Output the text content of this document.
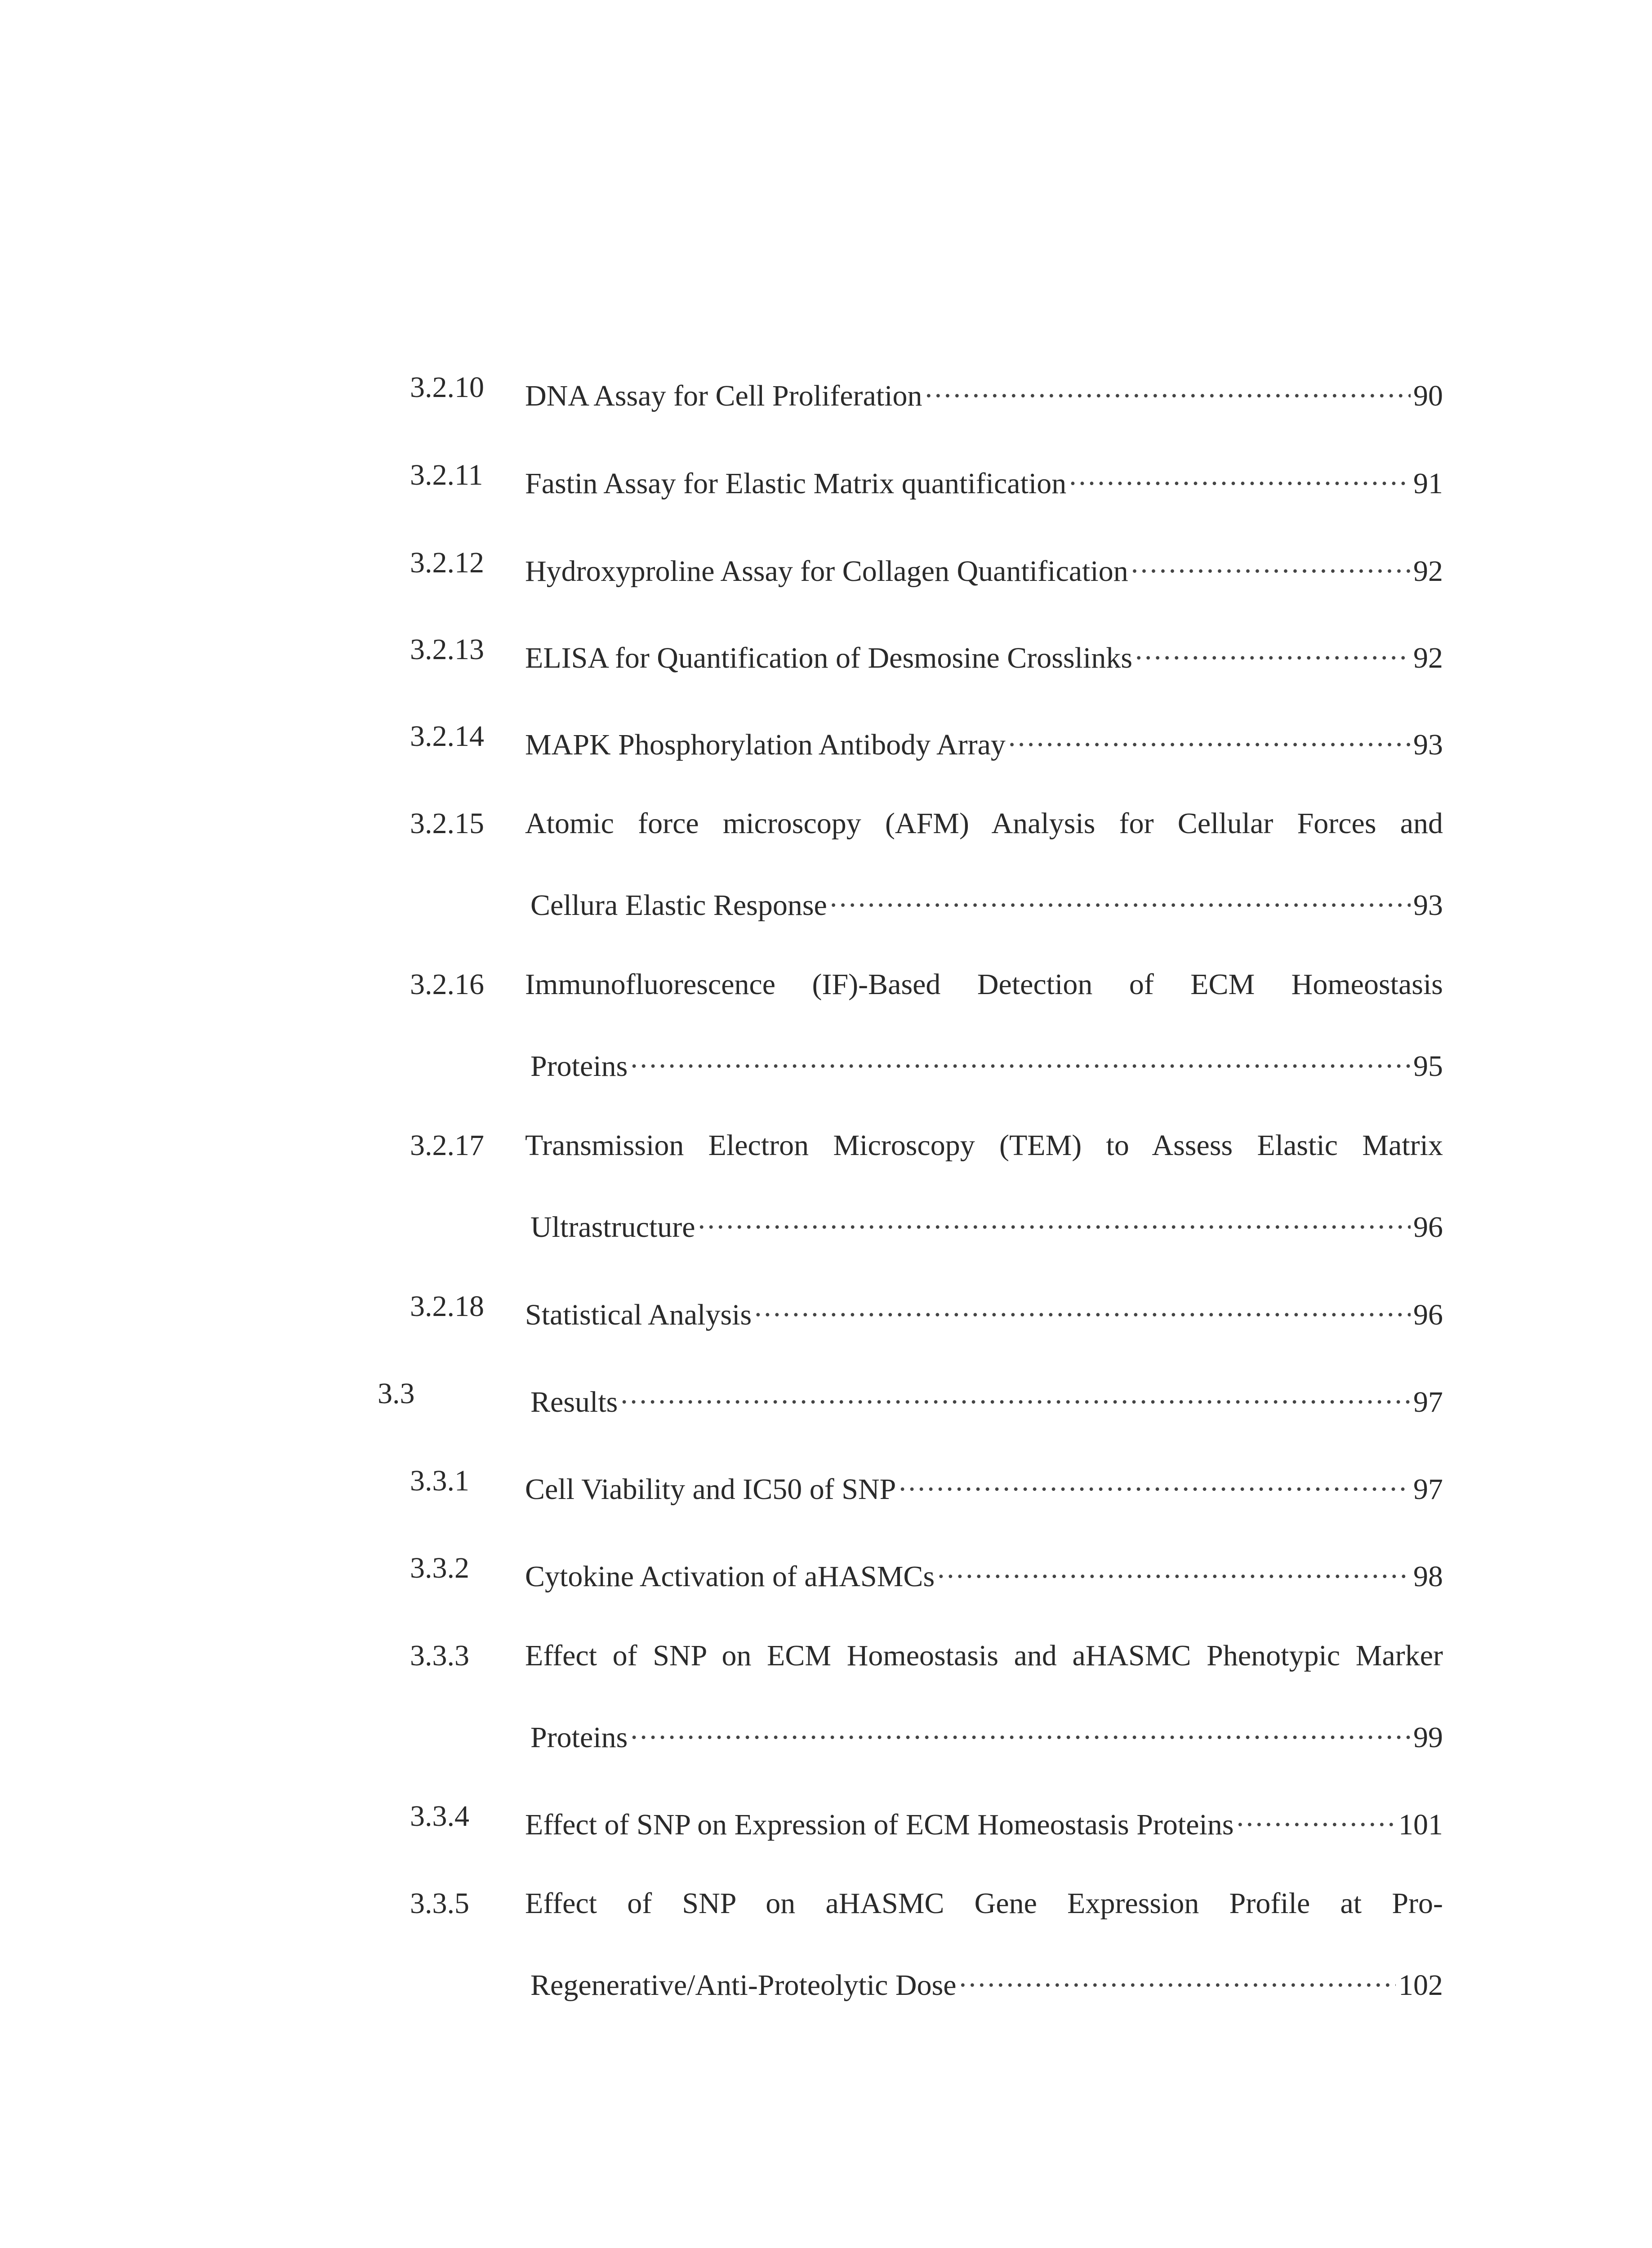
3.2.10 DNA Assay for Cell Proliferation . . .	90
3.2.11 Fastin Assay for Elastic Matrix quantification . . .	91
3.2.12 Hydroxyproline Assay for Collagen Quantification . . .	92
3.2.13 ELISA for Quantification of Desmosine Crosslinks . . .	92
3.2.14 MAPK Phosphorylation Antibody Array . . .	93
3.2.15 Atomic force microscopy (AFM) Analysis for Cellular Forces and
Cellura Elastic Response . . .	93
3.2.16 Immunofluorescence (IF)-Based Detection of ECM Homeostasis
Proteins . . .	95
3.2.17 Transmission Electron Microscopy (TEM) to Assess Elastic Matrix
Ultrastructure . . .	96
3.2.18 Statistical Analysis . . .	96
3.3	Results . . .	97
3.3.1 Cell Viability and IC50 of SNP . . .	97
3.3.2 Cytokine Activation of aHASMCs . . .	98
3.3.3 Effect of SNP on ECM Homeostasis and aHASMC Phenotypic Marker
Proteins . . .	99
3.3.4 Effect of SNP on Expression of ECM Homeostasis Proteins . . .	101
3.3.5 Effect of SNP on aHASMC Gene Expression Profile at Pro-
Regenerative/Anti-Proteolytic Dose . . .	102
